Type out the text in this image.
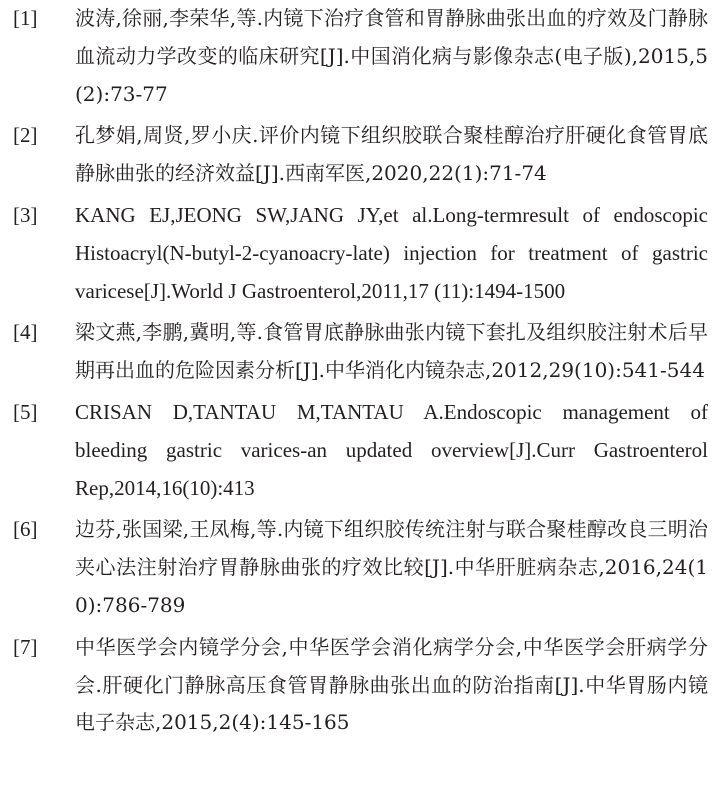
[1] 波涛,徐丽,李荣华,等.内镜下治疗食管和胃静脉曲张出血的疗效及门静脉血流动力学改变的临床研究[J].中国消化病与影像杂志(电子版),2015,5(2):73-77
[2] 孔梦娟,周贤,罗小庆.评价内镜下组织胶联合聚桂醇治疗肝硬化食管胃底静脉曲张的经济效益[J].西南军医,2020,22(1):71-74
[3] KANG EJ,JEONG SW,JANG JY,et al.Long-termresult of endoscopic Histoacryl(N-butyl-2-cyanoacry-late) injection for treatment of gastric varicese[J].World J Gastroenterol,2011,17 (11):1494-1500
[4] 梁文燕,李鹏,冀明,等.食管胃底静脉曲张内镜下套扎及组织胶注射术后早期再出血的危险因素分析[J].中华消化内镜杂志,2012,29(10):541-544
[5] CRISAN D,TANTAU M,TANTAU A.Endoscopic management of bleeding gastric varices-an updated overview[J].Curr Gastroenterol Rep,2014,16(10):413
[6] 边芬,张国梁,王凤梅,等.内镜下组织胶传统注射与联合聚桂醇改良三明治夹心法注射治疗胃静脉曲张的疗效比较[J].中华肝脏病杂志,2016,24(10):786-789
[7] 中华医学会内镜学分会,中华医学会消化病学分会,中华医学会肝病学分会.肝硬化门静脉高压食管胃静脉曲张出血的防治指南[J].中华胃肠内镜电子杂志,2015,2(4):145-165
